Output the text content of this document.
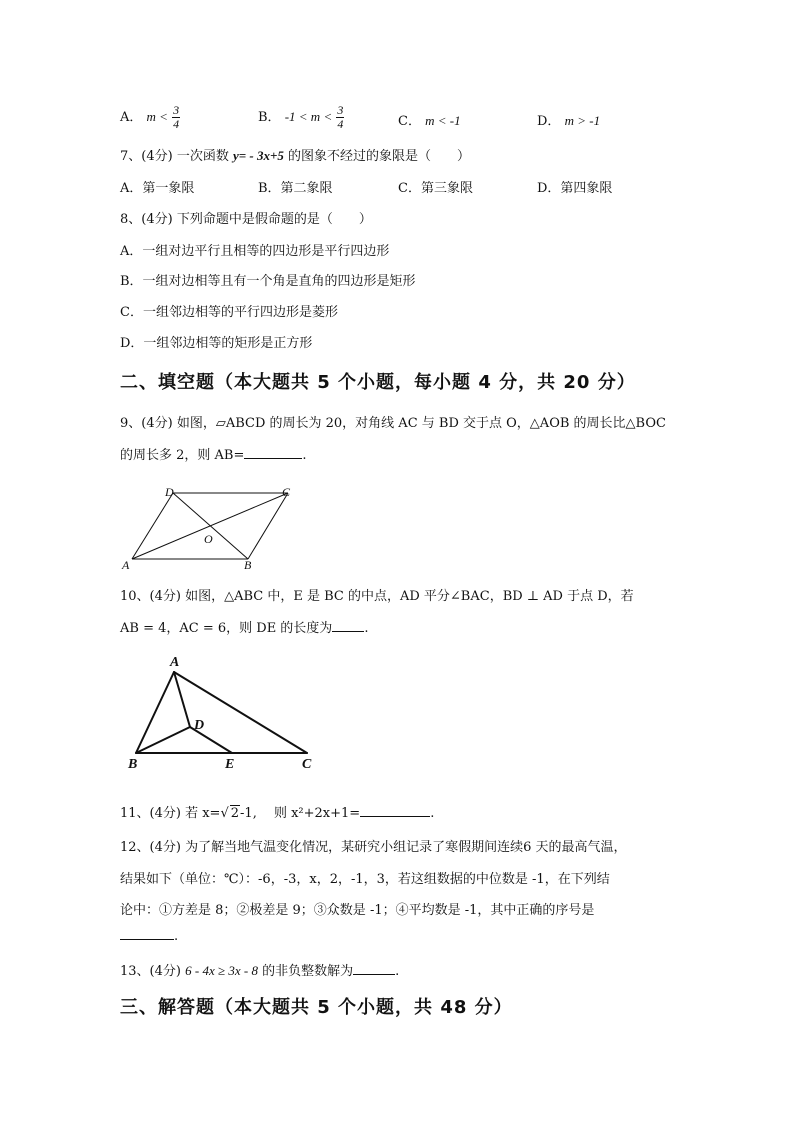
A． $m < \frac{3}{4}$	B． $-1 < m < \frac{3}{4}$	C． m < -1	D． m > -1
7、(4分) 一次函数 y= - 3x+5 的图象不经过的象限是（　　）
A．第一象限	B．第二象限	C．第三象限	D．第四象限
8、(4分) 下列命题中是假命题的是（　　）
A．一组对边平行且相等的四边形是平行四边形
B．一组对边相等且有一个角是直角的四边形是矩形
C．一组邻边相等的平行四边形是菱形
D．一组邻边相等的矩形是正方形
二、填空题（本大题共 5 个小题，每小题 4 分，共 20 分）
9、(4分) 如图，▱ABCD 的周长为 20，对角线 AC 与 BD 交于点 O，△AOB 的周长比△BOC
的周长多 2，则 AB=	.
A	B
C
D
O
10、(4分) 如图，△ABC 中，E 是 BC 的中点，AD 平分∠BAC，BD ⊥ AD 于点 D，若
AB = 4，AC = 6，则 DE 的长度为 .
A
B	C
D
E
11、(4分) 若 x=√ 2-1,　 则 x²+2x+1=	.
12、(4分) 为了解当地气温变化情况，某研究小组记录了寒假期间连续6 天的最高气温，
结果如下（单位：℃）：-6，-3，x，2，-1，3，若这组数据的中位数是 -1，在下列结
论中：①方差是 8；②极差是 9；③众数是 -1；④平均数是 -1，其中正确的序号是
.
13、(4分) 6 - 4x ≥ 3x - 8 的非负整数解为	.
三、解答题（本大题共 5 个小题，共 48 分）
